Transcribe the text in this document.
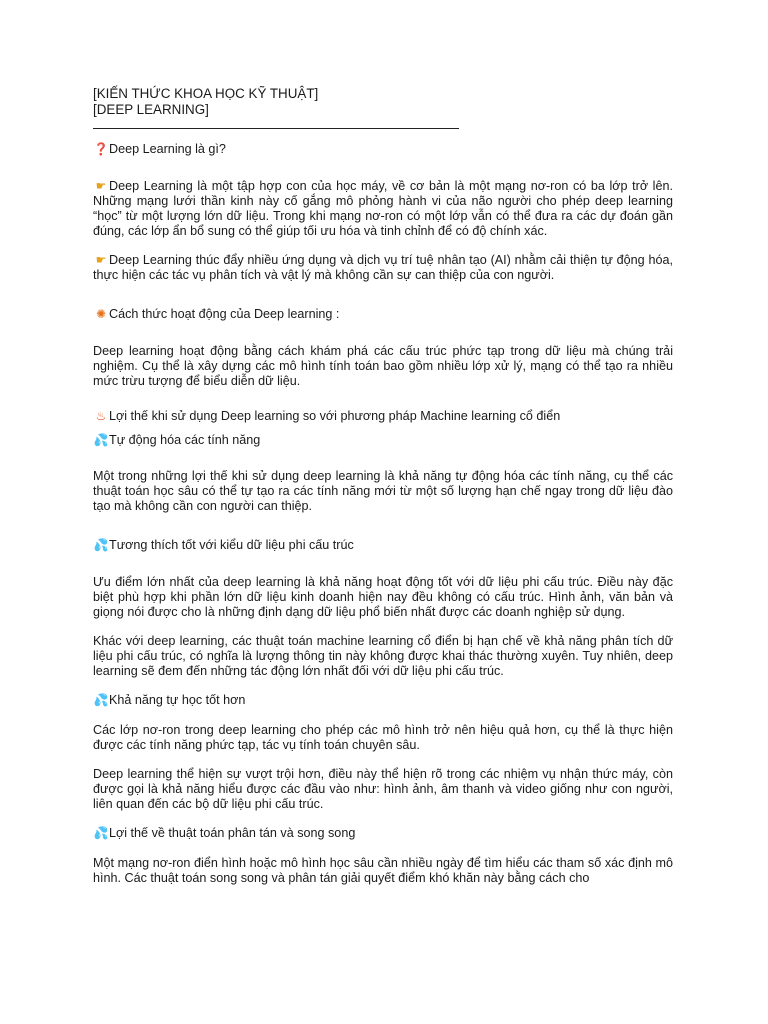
[KIẾN THỨC KHOA HỌC KỸ THUẬT]

[DEEP LEARNING]

❓Deep Learning là gì?

☛ Deep Learning là một tập hợp con của học máy, về cơ bản là một mạng nơ-ron có ba lớp trở lên. Những mạng lưới thần kinh này cố gắng mô phỏng hành vi của não người cho phép deep learning “học” từ một lượng lớn dữ liệu. Trong khi mạng nơ-ron có một lớp vẫn có thể đưa ra các dự đoán gần đúng, các lớp ẩn bổ sung có thể giúp tối ưu hóa và tinh chỉnh để có độ chính xác.

☛ Deep Learning thúc đẩy nhiều ứng dụng và dịch vụ trí tuệ nhân tạo (AI) nhằm cải thiện tự động hóa, thực hiện các tác vụ phân tích và vật lý mà không cần sự can thiệp của con người.

✺ Cách thức hoạt động của Deep learning :

Deep learning hoạt động bằng cách khám phá các cấu trúc phức tạp trong dữ liệu mà chúng trải nghiệm. Cụ thể là xây dựng các mô hình tính toán bao gồm nhiều lớp xử lý, mạng có thể tạo ra nhiều mức trừu tượng để biểu diễn dữ liệu.

♨ Lợi thế khi sử dụng Deep learning so với phương pháp Machine learning cổ điển

💦Tự động hóa các tính năng

Một trong những lợi thế khi sử dụng deep learning là khả năng tự động hóa các tính năng, cụ thể các thuật toán học sâu có thể tự tạo ra các tính năng mới từ một số lượng hạn chế ngay trong dữ liệu đào tạo mà không cần con người can thiệp.

💦Tương thích tốt với kiểu dữ liệu phi cấu trúc

Ưu điểm lớn nhất của deep learning là khả năng hoạt động tốt với dữ liệu phi cấu trúc. Điều này đặc biệt phù hợp khi phần lớn dữ liệu kinh doanh hiện nay đều không có cấu trúc. Hình ảnh, văn bản và giọng nói được cho là những định dạng dữ liệu phổ biến nhất được các doanh nghiệp sử dụng.

Khác với deep learning, các thuật toán machine learning cổ điển bị hạn chế về khả năng phân tích dữ liệu phi cấu trúc, có nghĩa là lượng thông tin này không được khai thác thường xuyên. Tuy nhiên, deep learning sẽ đem đến những tác động lớn nhất đối với dữ liệu phi cấu trúc.

💦Khả năng tự học tốt hơn

Các lớp nơ-ron trong deep learning cho phép các mô hình trở nên hiệu quả hơn, cụ thể là thực hiện được các tính năng phức tạp, tác vụ tính toán chuyên sâu.

Deep learning thể hiện sự vượt trội hơn, điều này thể hiện rõ trong các nhiệm vụ nhận thức máy, còn được gọi là khả năng hiểu được các đầu vào như: hình ảnh, âm thanh và video giống như con người, liên quan đến các bộ dữ liệu phi cấu trúc.

💦Lợi thế về thuật toán phân tán và song song

Một mạng nơ-ron điển hình hoặc mô hình học sâu cần nhiều ngày để tìm hiểu các tham số xác định mô hình. Các thuật toán song song và phân tán giải quyết điểm khó khăn này bằng cách cho
